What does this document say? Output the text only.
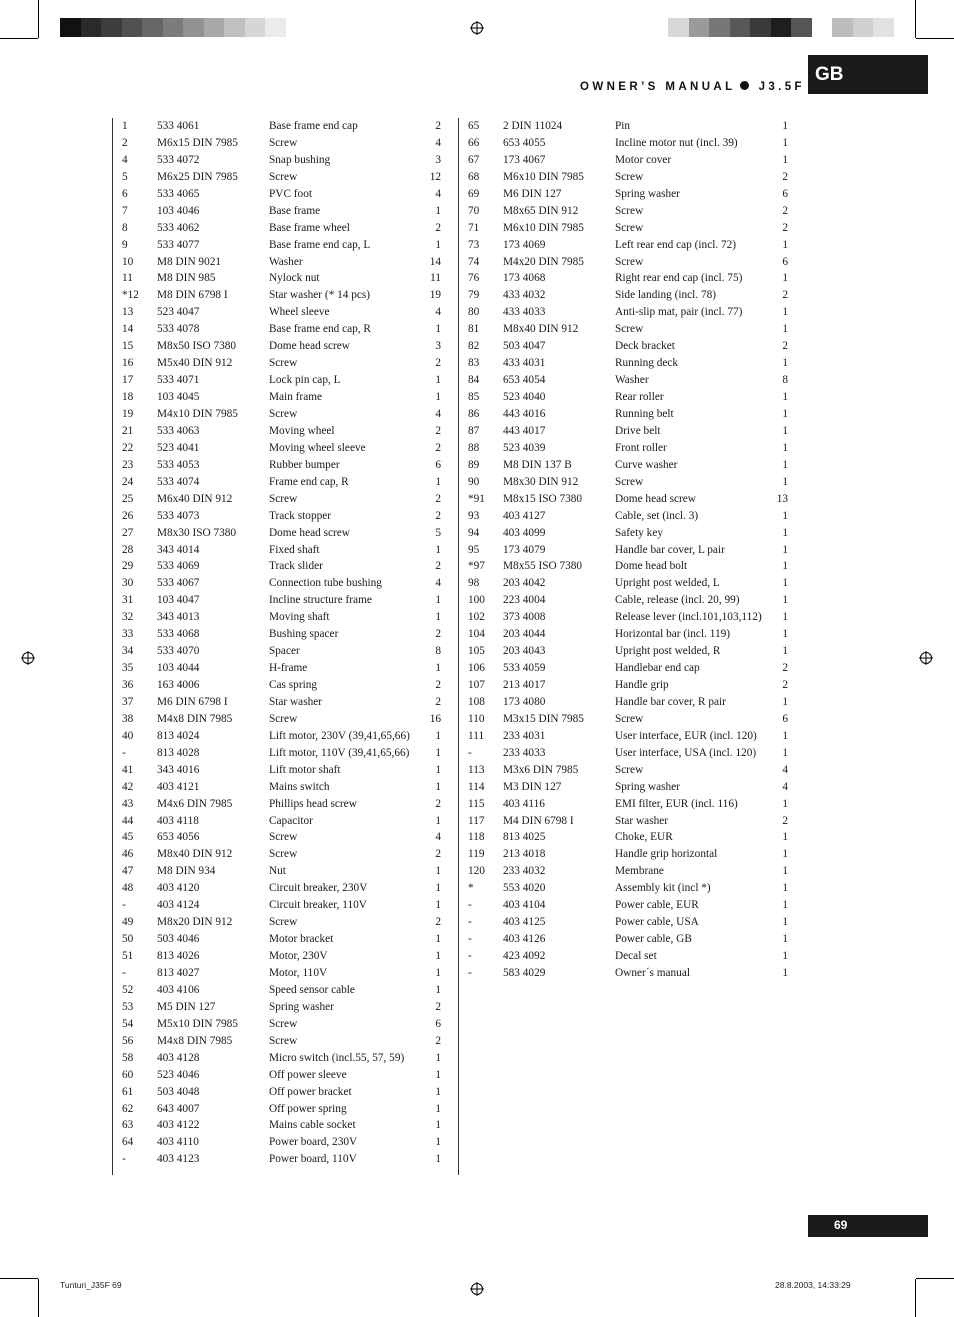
GB
OWNER’S MANUAL J3.5F
1	533 4061	Base frame end cap	2
2	M6x15 DIN 7985	Screw	4
4	533 4072	Snap bushing	3
5	M6x25 DIN 7985	Screw	12
6	533 4065	PVC foot	4
7	103 4046	Base frame	1
8	533 4062	Base frame wheel	2
9	533 4077	Base frame end cap, L	1
10 M8 DIN 9021	Washer	14
11 M8 DIN 985	Nylock nut	11
*12 M8 DIN 6798 I	Star washer (* 14 pcs)	19
13 523 4047	Wheel sleeve	4
14 533 4078	Base frame end cap, R	1
15 M8x50 ISO 7380	Dome head screw	3
16 M5x40 DIN 912	Screw	2
17 533 4071	Lock pin cap, L	1
18 103 4045	Main frame	1
19 M4x10 DIN 7985	Screw	4
21 533 4063	Moving wheel	2
22 523 4041	Moving wheel sleeve	2
23 533 4053	Rubber bumper	6
24 533 4074	Frame end cap, R	1
25 M6x40 DIN 912	Screw	2
26 533 4073	Track stopper	2
27 M8x30 ISO 7380	Dome head screw	5
28 343 4014	Fixed shaft	1
29 533 4069	Track slider	2
30 533 4067	Connection tube bushing	4
31 103 4047	Incline structure frame	1
32 343 4013	Moving shaft	1
33 533 4068	Bushing spacer	2
34 533 4070	Spacer	8
35 103 4044	H-frame	1
36 163 4006	Cas spring	2
37 M6 DIN 6798 I	Star washer	2
38 M4x8 DIN 7985	Screw	16
40 813 4024	Lift motor, 230V (39,41,65,66) 1
-	813 4028	Lift motor, 110V (39,41,65,66) 1
41 343 4016	Lift motor shaft	1
42 403 4121	Mains switch	1
43 M4x6 DIN 7985	Phillips head screw	2
44 403 4118	Capacitor	1
45 653 4056	Screw	4
46 M8x40 DIN 912	Screw	2
47 M8 DIN 934	Nut	1
48 403 4120	Circuit breaker, 230V	1
-	403 4124	Circuit breaker, 110V	1
49 M8x20 DIN 912	Screw	2
50 503 4046	Motor bracket	1
51 813 4026	Motor, 230V	1
-	813 4027	Motor, 110V	1
52 403 4106	Speed sensor cable	1
53 M5 DIN 127	Spring washer	2
54 M5x10 DIN 7985	Screw	6
56 M4x8 DIN 7985	Screw	2
58 403 4128	Micro switch (incl.55, 57, 59)	1
60 523 4046	Off power sleeve	1
61 503 4048	Off power bracket	1
62 643 4007	Off power spring	1
63 403 4122	Mains cable socket	1
64 403 4110	Power board, 230V	1
-	403 4123	Power board, 110V	1
65 2 DIN 11024	Pin	1
66 653 4055	Incline motor nut (incl. 39)	1
67 173 4067	Motor cover	1
68 M6x10 DIN 7985	Screw	2
69 M6 DIN 127	Spring washer	6
70 M8x65 DIN 912	Screw	2
71 M6x10 DIN 7985	Screw	2
73 173 4069	Left rear end cap (incl. 72)	1
74 M4x20 DIN 7985	Screw	6
76 173 4068	Right rear end cap (incl. 75)	1
79 433 4032	Side landing (incl. 78)	2
80 433 4033	Anti-slip mat, pair (incl. 77)	1
81 M8x40 DIN 912	Screw	1
82 503 4047	Deck bracket	2
83 433 4031	Running deck	1
84 653 4054	Washer	8
85 523 4040	Rear roller	1
86 443 4016	Running belt	1
87 443 4017	Drive belt	1
88 523 4039	Front roller	1
89 M8 DIN 137 B	Curve washer	1
90 M8x30 DIN 912	Screw	1
*91 M8x15 ISO 7380	Dome head screw	13
93 403 4127	Cable, set (incl. 3)	1
94 403 4099	Safety key	1
95 173 4079	Handle bar cover, L pair	1
*97 M8x55 ISO 7380	Dome head bolt	1
98 203 4042	Upright post welded, L	1
100 223 4004	Cable, release (incl. 20, 99)	1
102 373 4008	Release lever (incl.101,103,112) 1
104 203 4044	Horizontal bar (incl. 119)	1
105 203 4043	Upright post welded, R	1
106 533 4059	Handlebar end cap	2
107 213 4017	Handle grip	2
108 173 4080	Handle bar cover, R pair	1
110 M3x15 DIN 7985	Screw	6
111 233 4031	User interface, EUR (incl. 120) 1
-	233 4033	User interface, USA (incl. 120) 1
113 M3x6 DIN 7985	Screw	4
114 M3 DIN 127	Spring washer	4
115 403 4116	EMI filter, EUR (incl. 116)	1
117 M4 DIN 6798 I	Star washer	2
118 813 4025	Choke, EUR	1
119 213 4018	Handle grip horizontal	1
120 233 4032	Membrane	1
*	553 4020	Assembly kit (incl *)	1
-	403 4104	Power cable, EUR	1
-	403 4125	Power cable, USA	1
-	403 4126	Power cable, GB	1
-	423 4092	Decal set	1
-	583 4029	Owner´s manual	1
69
Tunturi_J35F 69	28.8.2003, 14:33:29
